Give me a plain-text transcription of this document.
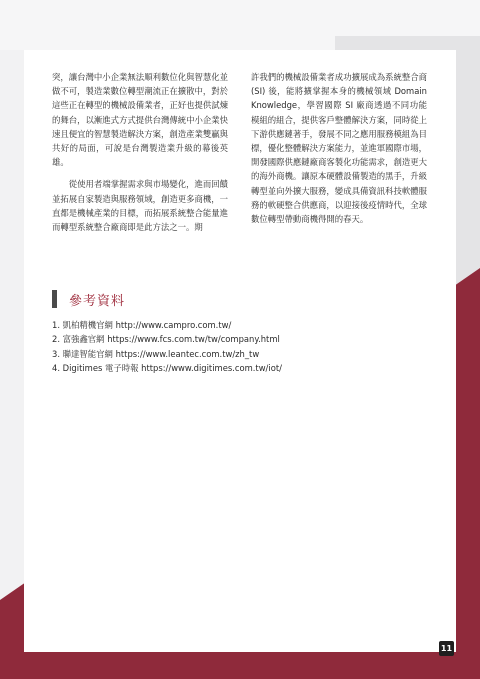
突，讓台灣中小企業無法順利數位化與智慧化並做不可，製造業數位轉型潮流正在擴散中，對於這些正在轉型的機械設備業者，正好也提供試煉的舞台，以漸進式方式提供台灣傳統中小企業快速且便宜的智慧製造解決方案，創造產業雙贏與共好的局面，可說是台灣製造業升級的幕後英雄。

從使用者端掌握需求與市場變化，進而回饋並拓展自家製造與服務領域，創造更多商機，一直都是機械產業的目標，而拓展系統整合能量進而轉型系統整合廠商即是此方法之一。期

許我們的機械設備業者成功擴展成為系統整合商 (SI) 後，能將擴掌握本身的機械領域 Domain Knowledge，學習國際 SI 廠商透過不同功能模組的組合，提供客戶整體解決方案，同時從上下游供應鏈著手，發展不同之應用服務模組為目標，優化整體解決方案能力，並進軍國際市場，開發國際供應鏈廠商客製化功能需求，創造更大的海外商機。讓原本硬體設備製造的黑手，升級轉型並向外擴大服務，變成具備資訊科技軟體服務的軟硬整合供應商，以迎接後疫情時代，全球數位轉型帶動商機得開的春天。

參考資料
1. 凱柏精機官網 http://www.campro.com.tw/
2. 富強鑫官網 https://www.fcs.com.tw/tw/company.html
3. 聯達智能官網 https://www.leantec.com.tw/zh_tw
4. Digitimes 電子時報 https://www.digitimes.com.tw/iot/
11
